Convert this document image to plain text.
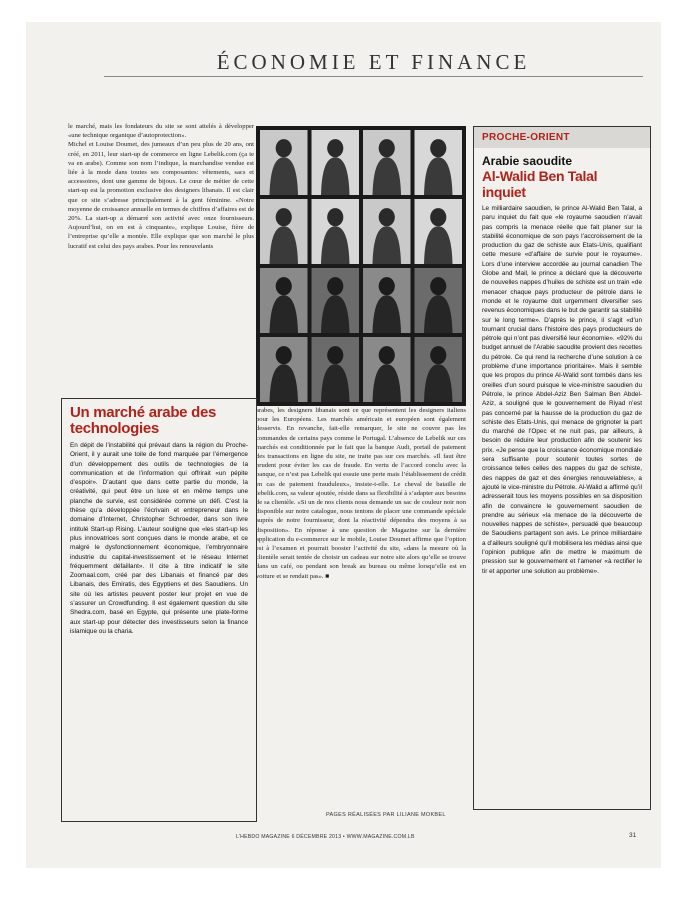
ÉCONOMIE ET FINANCE

le marché, mais les fondateurs du site se sont attelés à développer «une technique organique d’autoprotection».

Michel et Louise Doumet, des jumeaux d’un peu plus de 20 ans, ont créé, en 2011, leur start-up de commerce en ligne Lebelik.com (ça te va en arabe). Comme son nom l’indique, la marchandise vendue est liée à la mode dans toutes ses composantes: vêtements, sacs et accessoires, dont une gamme de bijoux. Le cœur de métier de cette start-up est la promotion exclusive des designers libanais. Il est clair que ce site s’adresse principalement à la gent féminine. «Notre moyenne de croissance annuelle en termes de chiffres d’affaires est de 20%. La start-up a démarré son activité avec onze fournisseurs. Aujourd’hui, on en est à cinquante», explique Louise, fière de l’entreprise qu’elle a montée. Elle explique que son marché le plus lucratif est celui des pays arabes. Pour les renouvelants

arabes, les designers libanais sont ce que représentent les designers italiens pour les Européens. Les marchés américain et européen sont également desservis. En revanche, fait-elle remarquer, le site ne couvre pas les commandes de certains pays comme le Portugal. L’absence de Lebelik sur ces marchés est conditionnée par le fait que la banque Audi, portail de paiement des transactions en ligne du site, ne traite pas sur ces marchés. «Il faut être prudent pour éviter les cas de fraude. En vertu de l’accord conclu avec la banque, ce n’est pas Lebelik qui essuie une perte mais l’établissement de crédit en cas de paiement frauduleux», insiste-t-elle. Le cheval de bataille de lebelik.com, sa valeur ajoutée, réside dans sa flexibilité à s’adapter aux besoins de sa clientèle. «Si un de nos clients nous demande un sac de couleur noir non disponible sur notre catalogue, nous tentons de placer une commande spéciale auprès de notre fournisseur, dont la réactivité dépendra des moyens à sa disposition». En réponse à une question de Magazine sur la dernière application du e-commerce sur le mobile, Louise Doumet affirme que l’option est à l’examen et pourrait booster l’activité du site, «dans la mesure où la clientèle serait tentée de choisir un cadeau sur notre site alors qu’elle se trouve dans un café, ou pendant son break au bureau ou même lorsqu’elle est en voiture et se rendait pas». ■

PAGES RÉALISÉES PAR LILIANE MOKBEL
Un marché arabe des technologies
En dépit de l’instabilité qui prévaut dans la région du Proche-Orient, il y aurait une toile de fond marquée par l’émergence d’un développement des outils de technologies de la communication et de l’information qui offrirait «un pépite d’espoir». D’autant que dans cette partie du monde, la créativité, qui peut être un luxe et en même temps une planche de survie, est considérée comme un défi. C’est la thèse qu’a développée l’écrivain et entrepreneur dans le domaine d’Internet, Christopher Schroeder, dans son livre intitulé Start-up Rising. L’auteur souligne que «les start-up les plus innovatrices sont conçues dans le monde arabe, et ce malgré le dysfonctionnement économique, l’embryonnaire industrie du capital-investissement et le réseau Internet fréquemment défaillant». Il cite à titre indicatif le site Zoomaal.com, créé par des Libanais et financé par des Libanais, des Emiratis, des Egyptiens et des Saoudiens. Un site où les artistes peuvent poster leur projet en vue de s’assurer un Crowdfunding. Il est également question du site Shedra.com, basé en Egypte, qui présente une plate-forme aux start-up pour détecter des investisseurs selon la finance islamique ou la charia.
PROCHE-ORIENT
Arabie saoudite
Al-Walid Ben Talal inquiet
Le milliardaire saoudien, le prince Al-Walid Ben Talal, a paru inquiet du fait que «le royaume saoudien n’avait pas compris la menace réelle que fait planer sur la stabilité économique de son pays l’accroissement de la production du gaz de schiste aux Etats-Unis, qualifiant cette mesure «d’affaire de survie pour le royaume». Lors d’une interview accordée au journal canadien The Globe and Mail, le prince a déclaré que la découverte de nouvelles nappes d’huiles de schiste est un train «de menacer chaque pays producteur de pétrole dans le monde et le royaume doit urgemment diversifier ses revenus économiques dans le but de garantir sa stabilité sur le long terme». D’après le prince, il s’agit «d’un tournant crucial dans l’histoire des pays producteurs de pétrole qui n’ont pas diversifié leur économie». «92% du budget annuel de l’Arabie saoudite provient des recettes du pétrole. Ce qui rend la recherche d’une solution à ce problème d’une importance prioritaire». Mais il semble que les propos du prince Al-Walid sont tombés dans les oreilles d’un sourd puisque le vice-ministre saoudien du Pétrole, le prince Abdel-Aziz Ben Salman Ben Abdel-Aziz, a souligné que le gouvernement de Riyad n’est pas concerné par la hausse de la production du gaz de schiste des Etats-Unis, qui menace de grignoter la part du marché de l’Opec et ne nuit pas, par ailleurs, à besoin de réduire leur production afin de soutenir les prix. «Je pense que la croissance économique mondiale sera suffisante pour soutenir toutes sortes de croissance telles celles des nappes du gaz de schiste, des nappes de gaz et des énergies renouvelables», a ajouté le vice-ministre du Pétrole. Al-Walid a affirmé qu’il adresserait tous les moyens possibles en sa disposition afin de convaincre le gouvernement saoudien de prendre au sérieux «la menace de la découverte de nouvelles nappes de schiste», persuadé que beaucoup de Saoudiens partagent son avis. Le prince milliardaire a d’ailleurs souligné qu’il mobilisera les médias ainsi que l’opinion publique afin de mettre le maximum de pression sur le gouvernement et l’amener «à rectifier le tir et apporter une solution au problème».
L’HEBDO MAGAZINE 6 DÉCEMBRE 2013 • WWW.MAGAZINE.COM.LB	31
